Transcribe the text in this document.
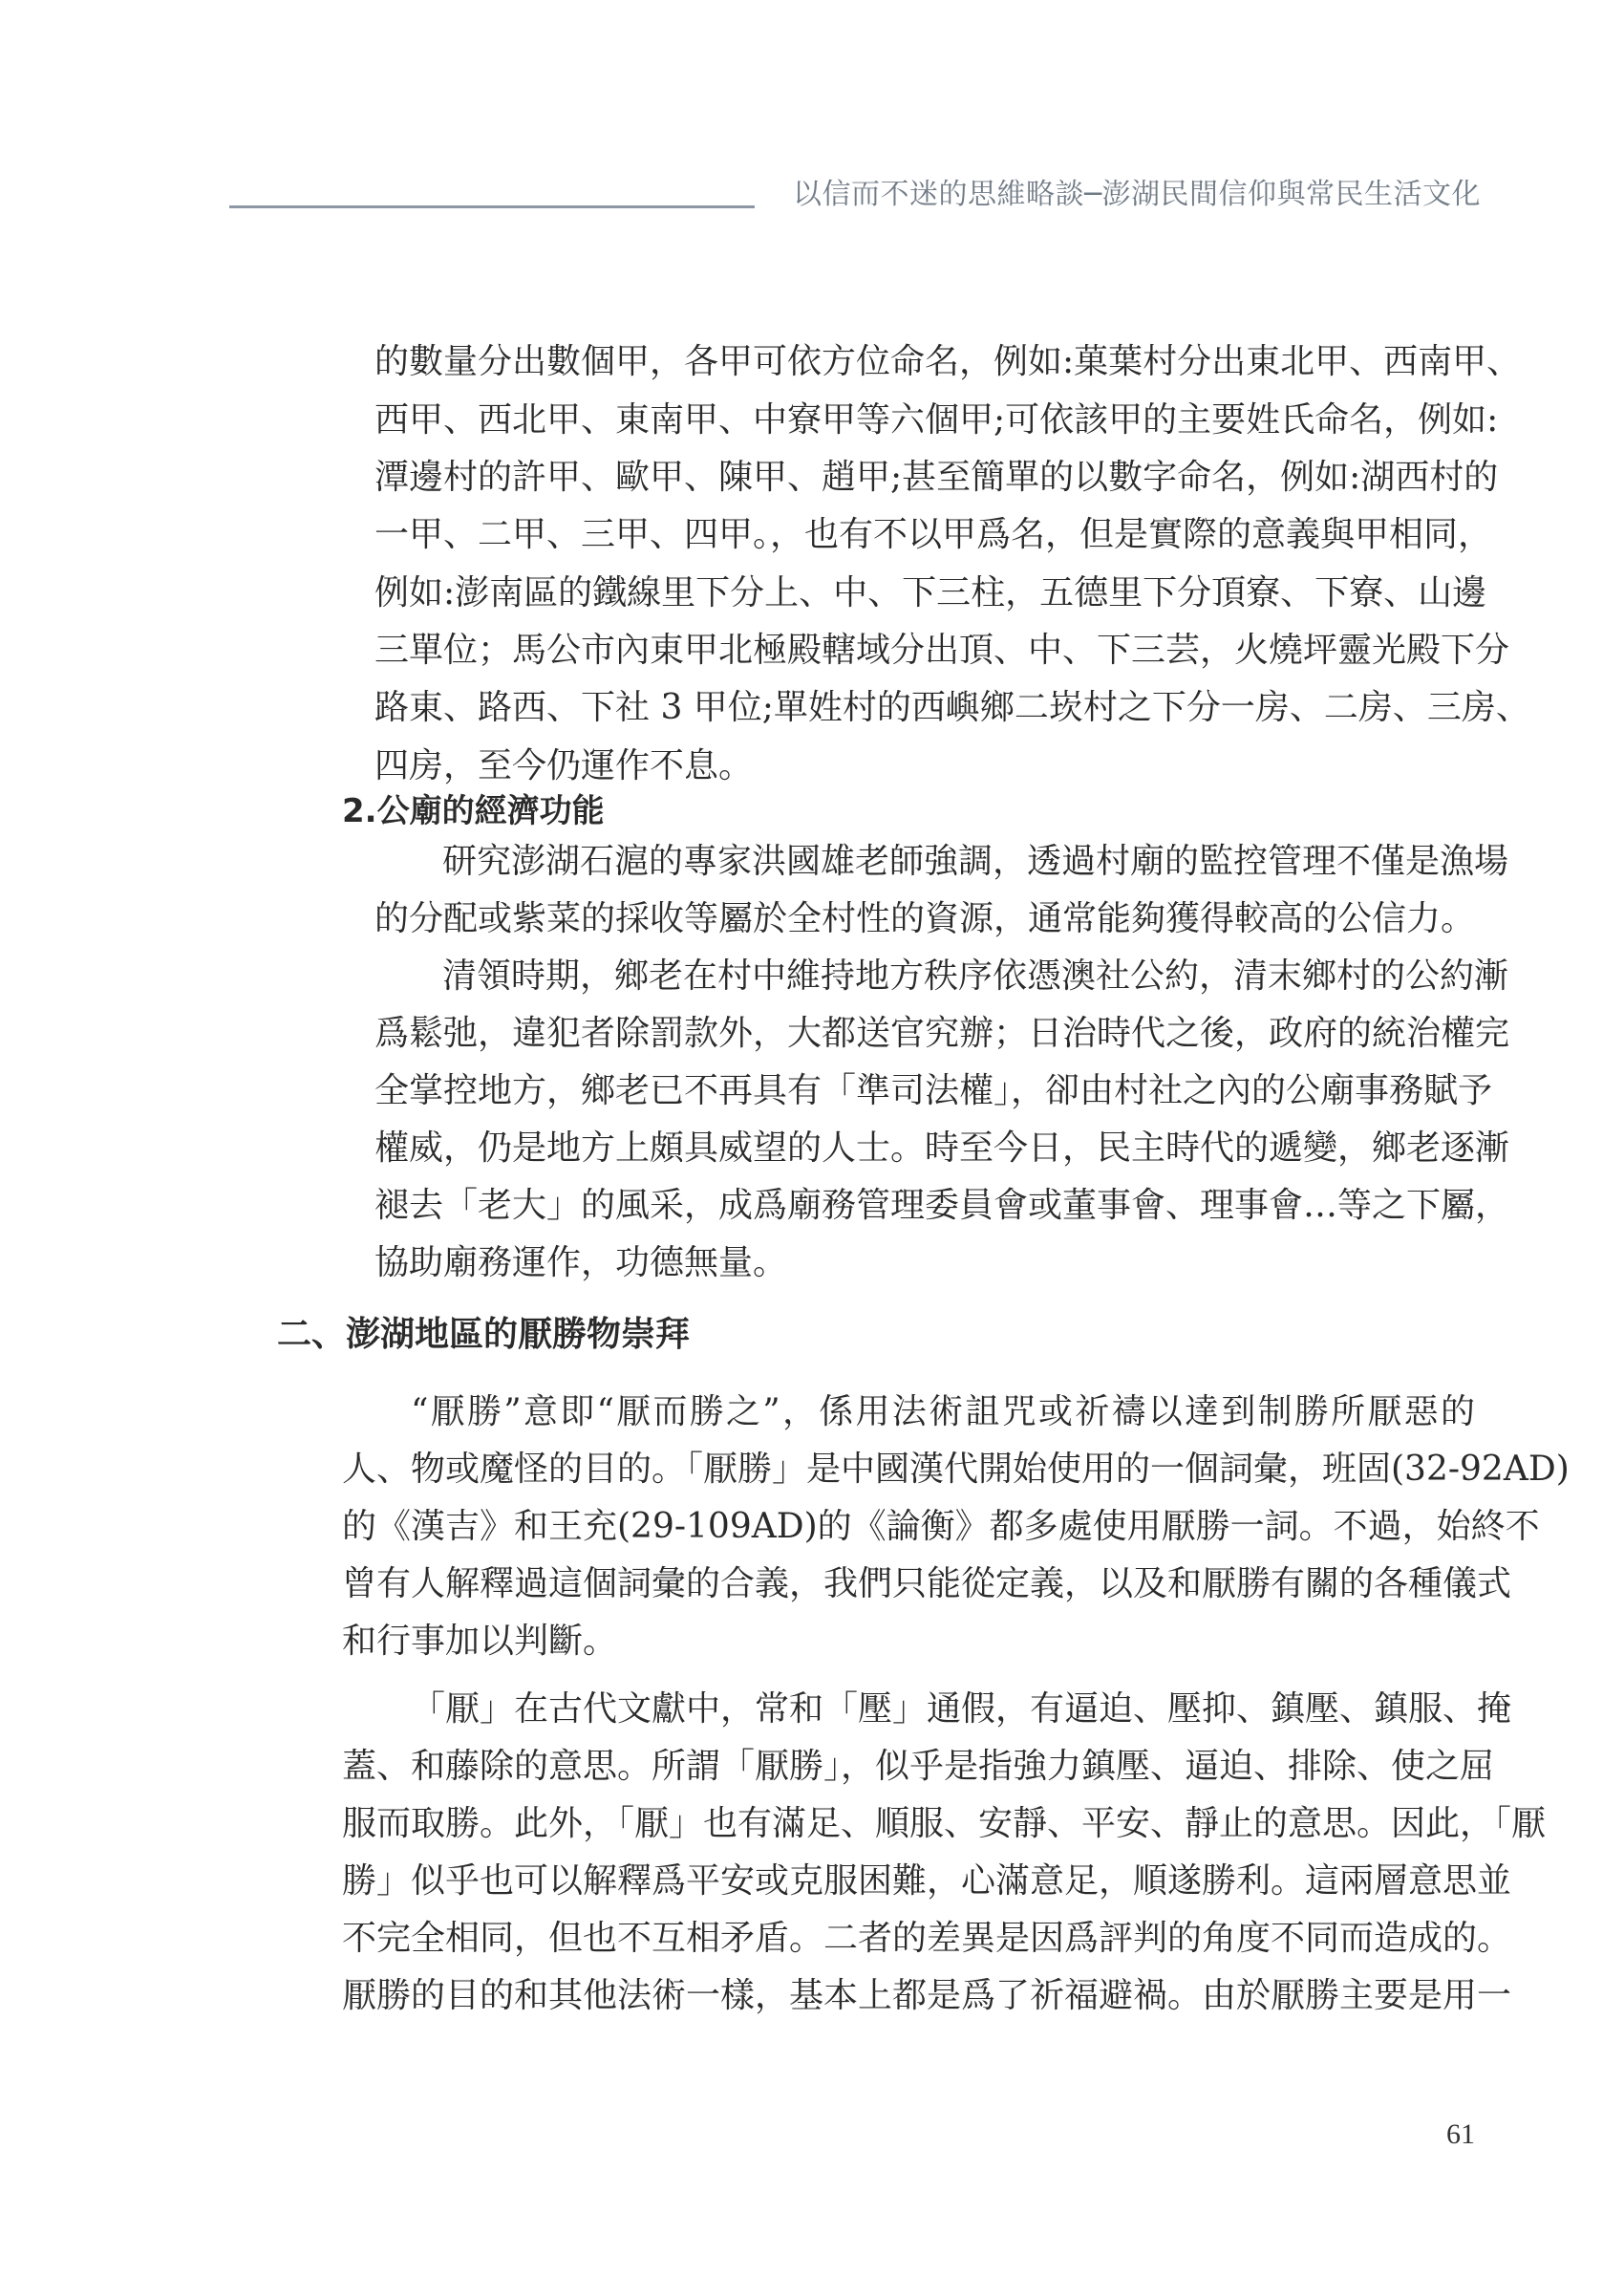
以信而不迷的思維略談─澎湖民間信仰與常民生活文化
的數量分出數個甲，各甲可依方位命名，例如:菓葉村分出東北甲、西南甲、
西甲、西北甲、東南甲、中寮甲等六個甲;可依該甲的主要姓氏命名，例如:
潭邊村的許甲、歐甲、陳甲、趙甲;甚至簡單的以數字命名，例如:湖西村的
一甲、二甲、三甲、四甲。，也有不以甲爲名，但是實際的意義與甲相同，
例如:澎南區的鐵線里下分上、中、下三柱，五德里下分頂寮、下寮、山邊
三單位；馬公市內東甲北極殿轄域分出頂、中、下三芸，火燒坪靈光殿下分
路東、路西、下社 3 甲位;單姓村的西嶼鄉二崁村之下分一房、二房、三房、
四房，至今仍運作不息。
2.公廟的經濟功能
研究澎湖石滬的專家洪國雄老師強調，透過村廟的監控管理不僅是漁場
的分配或紫菜的採收等屬於全村性的資源，通常能夠獲得較高的公信力。
清領時期，鄉老在村中維持地方秩序依憑澳社公約，清末鄉村的公約漸
爲鬆弛，違犯者除罰款外，大都送官究辦；日治時代之後，政府的統治權完
全掌控地方，鄉老已不再具有「準司法權」，卻由村社之內的公廟事務賦予
權威，仍是地方上頗具威望的人士。時至今日，民主時代的遞變，鄉老逐漸
褪去「老大」的風采，成爲廟務管理委員會或董事會、理事會…等之下屬，
協助廟務運作，功德無量。
二、澎湖地區的厭勝物崇拜
“厭勝”意即“厭而勝之”，係用法術詛咒或祈禱以達到制勝所厭惡的
人、物或魔怪的目的。「厭勝」是中國漢代開始使用的一個詞彙，班固(32-92AD)
的《漢吉》和王充(29-109AD)的《論衡》都多處使用厭勝一詞。不過，始終不
曾有人解釋過這個詞彙的合義，我們只能從定義，以及和厭勝有關的各種儀式
和行事加以判斷。
「厭」在古代文獻中，常和「壓」通假，有逼迫、壓抑、鎮壓、鎮服、掩
蓋、和藤除的意思。所謂「厭勝」，似乎是指強力鎮壓、逼迫、排除、使之屈
服而取勝。此外，「厭」也有滿足、順服、安靜、平安、靜止的意思。因此，「厭
勝」似乎也可以解釋爲平安或克服困難，心滿意足，順遂勝利。這兩層意思並
不完全相同，但也不互相矛盾。二者的差異是因爲評判的角度不同而造成的。
厭勝的目的和其他法術一樣，基本上都是爲了祈福避禍。由於厭勝主要是用一
61
